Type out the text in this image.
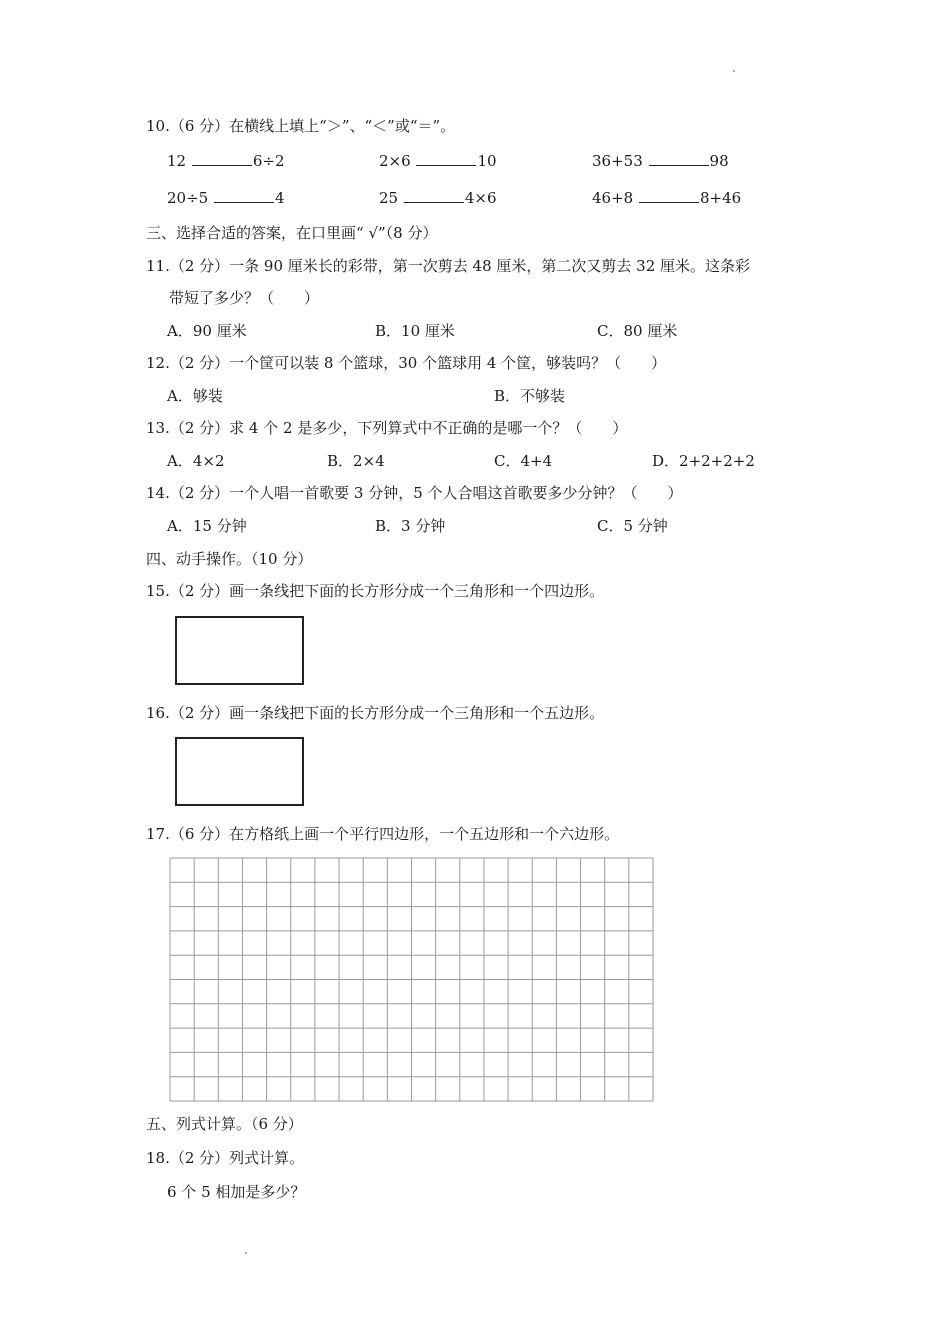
10.（6 分）在横线上填上“＞”、“＜”或“＝”。
12	6÷2	2×6	10	36+53	98
20÷5	4	25	4×6	46+8	8+46
三、选择合适的答案，在口里画“ √”（8 分）
11.（2 分）一条 90 厘米长的彩带，第一次剪去 48 厘米，第二次又剪去 32 厘米。这条彩
带短了多少？（　　）
A．90 厘米	B．10 厘米	C．80 厘米
12.（2 分）一个筐可以装 8 个篮球，30 个篮球用 4 个筐，够装吗？（　　）
A．够装	B．不够装
13.（2 分）求 4 个 2 是多少，下列算式中不正确的是哪一个？（　　）
A．4×2	B．2×4	C．4+4	D．2+2+2+2
14.（2 分）一个人唱一首歌要 3 分钟，5 个人合唱这首歌要多少分钟？（　　）
A．15 分钟	B．3 分钟	C．5 分钟
四、动手操作。（10 分）
15.（2 分）画一条线把下面的长方形分成一个三角形和一个四边形。
16.（2 分）画一条线把下面的长方形分成一个三角形和一个五边形。
17.（6 分）在方格纸上画一个平行四边形，一个五边形和一个六边形。
五、列式计算。（6 分）
18.（2 分）列式计算。
6 个 5 相加是多少？
